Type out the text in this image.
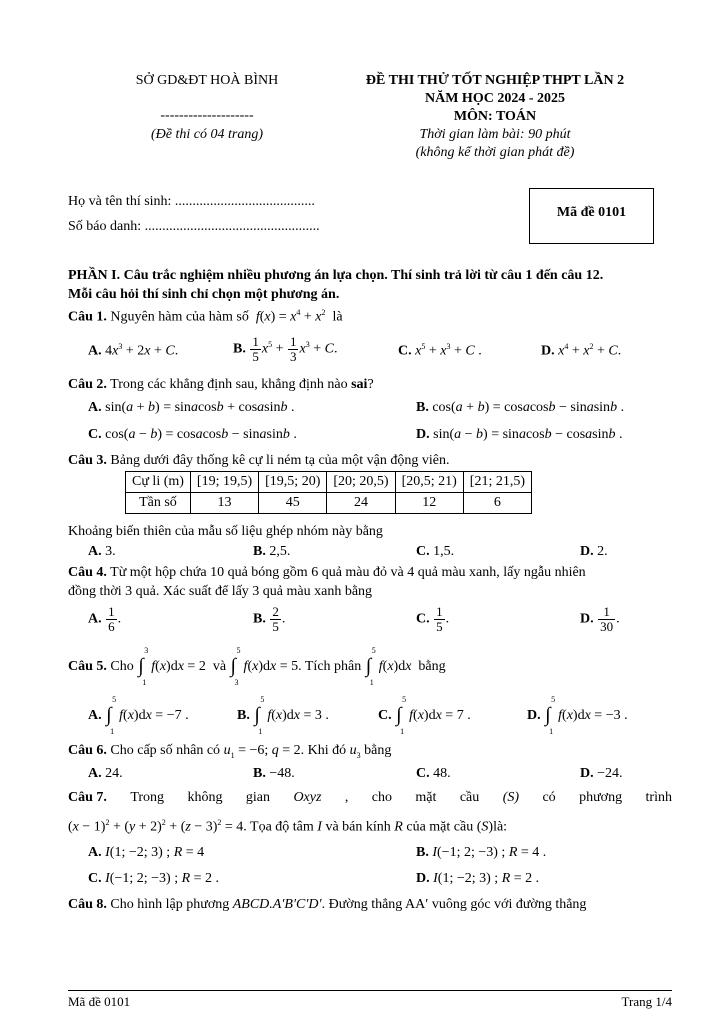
SỞ GD&ĐT HOÀ BÌNH
--------------------
(Đề thi có 04 trang)
ĐỀ THI THỬ TỐT NGHIỆP THPT LẦN 2
NĂM HỌC 2024 - 2025
MÔN: TOÁN
Thời gian làm bài: 90 phút
(không kể thời gian phát đề)
Họ và tên thí sinh: ........................................
Số báo danh: ..................................................
Mã đề 0101
PHẦN I. Câu trắc nghiệm nhiều phương án lựa chọn. Thí sinh trả lời từ câu 1 đến câu 12.
Mỗi câu hỏi thí sinh chỉ chọn một phương án.
Câu 1. Nguyên hàm của hàm số  $f(x) = x^4 + x^2$ là
A. $4x^3 + 2x + C$.	B. $\frac{1}{5} x^5 + \frac{1}{3} x^3 + C$.	C. $x^5 + x^3 + C$ .	D. $x^4 + x^2 + C$.
Câu 2. Trong các khẳng định sau, khẳng định nào sai?
A. sin(a + b) = sinacosb + cosasinb .	B. cos(a + b) = cosacosb − sinasinb .
C. cos(a − b) = cosacosb − sinasinb .	D. sin(a − b) = sinacosb − cosasinb .
Câu 3. Bảng dưới đây thống kê cự li ném tạ của một vận động viên.
Cự li (m)	[19; 19,5)	[19,5; 20)	[20; 20,5)	[20,5; 21)	[21; 21,5)
Tần số	13	45	24	12	6
Khoảng biến thiên của mẫu số liệu ghép nhóm này bằng
A. 3.	B. 2,5.	C. 1,5.	D. 2.
Câu 4. Từ một hộp chứa 10 quả bóng gồm 6 quả màu đỏ và 4 quả màu xanh, lấy ngẫu nhiên
đồng thời 3 quả. Xác suất để lấy 3 quả màu xanh bằng
A. $\frac{1}{6}$ .	B. $\frac{2}{5}$ .	C. $\frac{1}{5}$ .	D. $\frac{1}{30}$ .
Câu 5. Cho ∫
3
1
f(x)dx = 2  và ∫
5
3
f(x)dx = 5. Tích phân ∫
5
1
f(x)dx bằng
A. ∫
5
1
f(x)dx = −7 .	B. ∫
5
1
f(x)dx = 3 .	C. ∫
5
1
f(x)dx = 7 .	D. ∫
5
1
f(x)dx = −3 .
Câu 6. Cho cấp số nhân có $u_1 = -6$; q = 2. Khi đó $u_3$ bằng
A. 24.	B. −48.	C. 48.	D. −24.
Câu 7. Trong không gian Oxyz , cho mặt cầu (S) có phương trình
$(x - 1)^2 + (y + 2)^2 + (z - 3)^2 = 4$. Tọa độ tâm I và bán kính R của mặt cầu (S)là:
A. I(1; −2; 3) ; R = 4	B. I(−1; 2; −3) ; R = 4 .
C. I(−1; 2; −3) ; R = 2 .	D. I(1; −2; 3) ; R = 2 .
Câu 8. Cho hình lập phương ABCD.A′B′C′D′. Đường thẳng AA′ vuông góc với đường thẳng
Mã đề 0101	Trang 1/4
